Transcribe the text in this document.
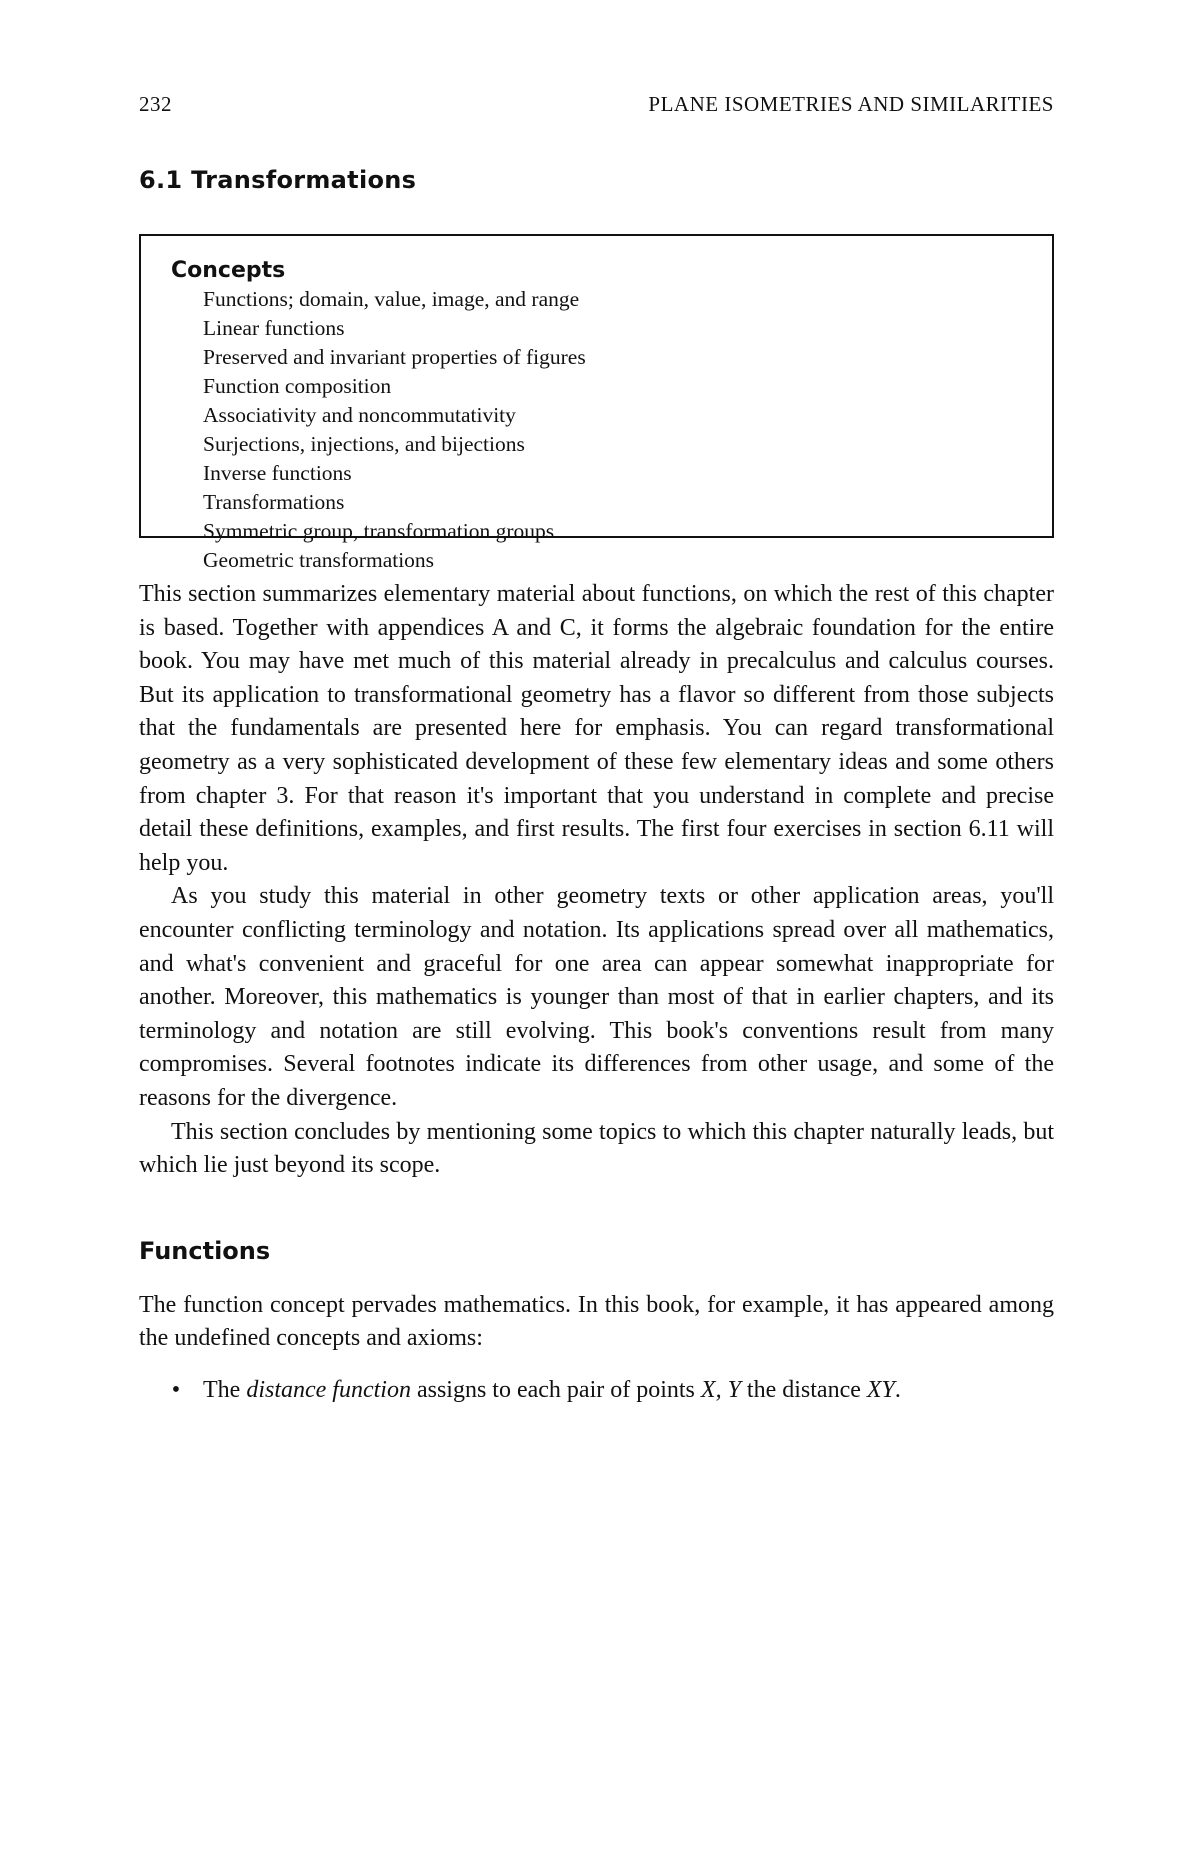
232	PLANE ISOMETRIES AND SIMILARITIES
6.1 Transformations
Concepts
Functions; domain, value, image, and range
Linear functions
Preserved and invariant properties of figures
Function composition
Associativity and noncommutativity
Surjections, injections, and bijections
Inverse functions
Transformations
Symmetric group, transformation groups
Geometric transformations

This section summarizes elementary material about functions, on which the rest of this chapter is based. Together with appendices A and C, it forms the algebraic foundation for the entire book. You may have met much of this material already in precalculus and calculus courses. But its application to transformational geometry has a flavor so different from those subjects that the fundamentals are presented here for emphasis. You can regard transformational geometry as a very sophisticated development of these few elementary ideas and some others from chapter 3. For that reason it's important that you understand in complete and precise detail these definitions, examples, and first results. The first four exercises in section 6.11 will help you.

As you study this material in other geometry texts or other application areas, you'll encounter conflicting terminology and notation. Its applications spread over all mathematics, and what's convenient and graceful for one area can appear somewhat inappropriate for another. Moreover, this mathematics is younger than most of that in earlier chapters, and its terminology and notation are still evolving. This book's conventions result from many compromises. Several footnotes indicate its differences from other usage, and some of the reasons for the divergence.

This section concludes by mentioning some topics to which this chapter naturally leads, but which lie just beyond its scope.

Functions

The function concept pervades mathematics. In this book, for example, it has appeared among the undefined concepts and axioms:

• The distance function assigns to each pair of points X, Y the distance XY.
